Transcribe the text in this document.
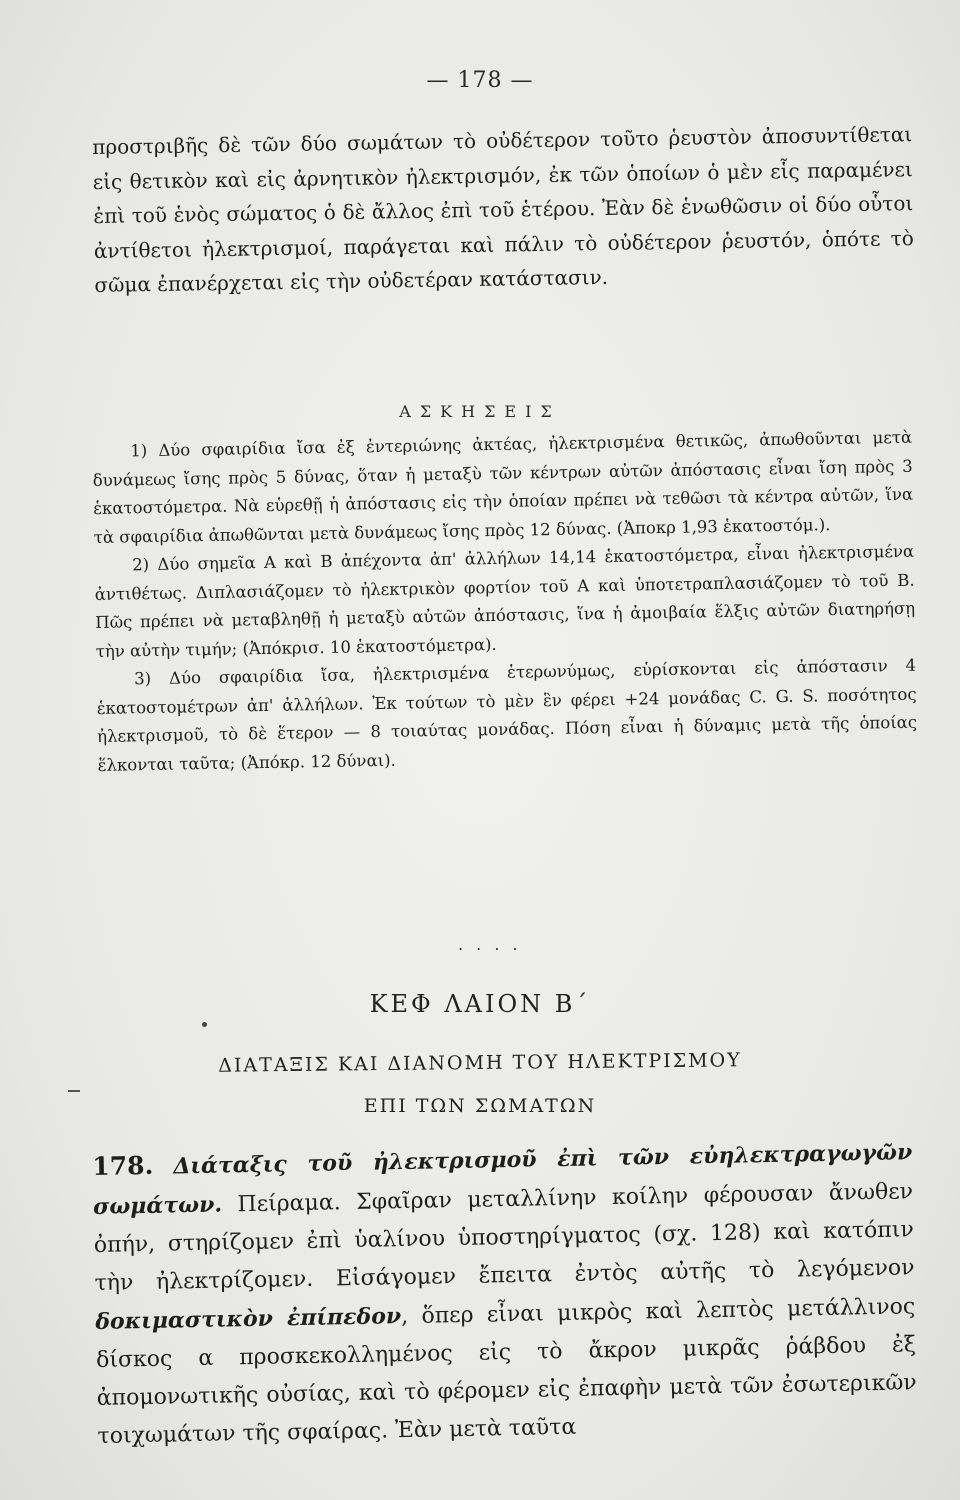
— 178 —

προστριβῆς δὲ τῶν δύο σωμάτων τὸ οὐδέτερον τοῦτο ῥευστὸν ἀποσυντίθεται εἰς θετικὸν καὶ εἰς ἀρνητικὸν ἠλεκτρισμόν, ἐκ τῶν ὁποίων ὁ μὲν εἷς παραμένει ἐπὶ τοῦ ἑνὸς σώματος ὁ δὲ ἄλλος ἐπὶ τοῦ ἑτέρου. Ἐὰν δὲ ἑνωθῶσιν οἱ δύο οὗτοι ἀντίθετοι ἠλεκτρισμοί, παράγεται καὶ πάλιν τὸ οὐδέτερον ῥευστόν, ὁπότε τὸ σῶμα ἐπανέρχεται εἰς τὴν οὐδετέραν κατάστασιν.

ΑΣΚΗΣΕΙΣ

1) Δύο σφαιρίδια ἴσα ἐξ ἐντεριώνης ἀκτέας, ἠλεκτρισμένα θετικῶς, ἀπωθοῦνται μετὰ δυνάμεως ἴσης πρὸς 5 δύνας, ὅταν ἡ μεταξὺ τῶν κέντρων αὐτῶν ἀπόστασις εἶναι ἴση πρὸς 3 ἑκατοστόμετρα. Νὰ εὑρεθῇ ἡ ἀπόστασις εἰς τὴν ὁποίαν πρέπει νὰ τεθῶσι τὰ κέντρα αὐτῶν, ἵνα τὰ σφαιρίδια ἀπωθῶνται μετὰ δυνάμεως ἴσης πρὸς 12 δύνας. (Ἀποκρ 1,93 ἑκατοστόμ.).

2) Δύο σημεῖα Α καὶ Β ἀπέχοντα ἀπ' ἀλλήλων 14,14 ἑκατοστόμετρα, εἶναι ἠλεκτρισμένα ἀντιθέτως. Διπλασιάζομεν τὸ ἠλεκτρικὸν φορτίον τοῦ Α καὶ ὑποτετραπλασιάζομεν τὸ τοῦ Β. Πῶς πρέπει νὰ μεταβληθῇ ἡ μεταξὺ αὐτῶν ἀπόστασις, ἵνα ἡ ἀμοιβαία ἕλξις αὐτῶν διατηρήσῃ τὴν αὐτὴν τιμήν; (Ἀπόκρισ. 10 ἑκατοστόμετρα).

3) Δύο σφαιρίδια ἴσα, ἠλεκτρισμένα ἑτερωνύμως, εὑρίσκονται εἰς ἀπόστασιν 4 ἑκατοστομέτρων ἀπ' ἀλλήλων. Ἐκ τούτων τὸ μὲν ἓν φέρει +24 μονάδας C. G. S. ποσότητος ἠλεκτρισμοῦ, τὸ δὲ ἕτερον — 8 τοιαύτας μονάδας. Πόση εἶναι ἡ δύναμις μετὰ τῆς ὁποίας ἕλκονται ταῦτα; (Ἀπόκρ. 12 δύναι).

. . . .
ΚΕΦ ΛΑΙΟΝ Β΄
ΔΙΑΤΑΞΙΣ ΚΑΙ ΔΙΑΝΟΜΗ ΤΟΥ ΗΛΕΚΤΡΙΣΜΟΥ
ΕΠΙ ΤΩΝ ΣΩΜΑΤΩΝ

178. Διάταξις τοῦ ἠλεκτρισμοῦ ἐπὶ τῶν εὐηλεκτραγωγῶν σωμάτων. Πείραμα. Σφαῖραν μεταλλίνην κοίλην φέρουσαν ἄνωθεν ὀπήν, στηρίζομεν ἐπὶ ὑαλίνου ὑποστηρίγματος (σχ. 128) καὶ κατόπιν τὴν ἠλεκτρίζομεν. Εἰσάγομεν ἔπειτα ἐντὸς αὐτῆς τὸ λεγόμενον δοκιμαστικὸν ἐπίπεδον, ὅπερ εἶναι μικρὸς καὶ λεπτὸς μετάλλινος δίσκος α προσκεκολλημένος εἰς τὸ ἄκρον μικρᾶς ῥάβδου ἐξ ἀπομονωτικῆς οὐσίας, καὶ τὸ φέρομεν εἰς ἐπαφὴν μετὰ τῶν ἐσωτερικῶν τοιχωμάτων τῆς σφαίρας. Ἐὰν μετὰ ταῦτα
